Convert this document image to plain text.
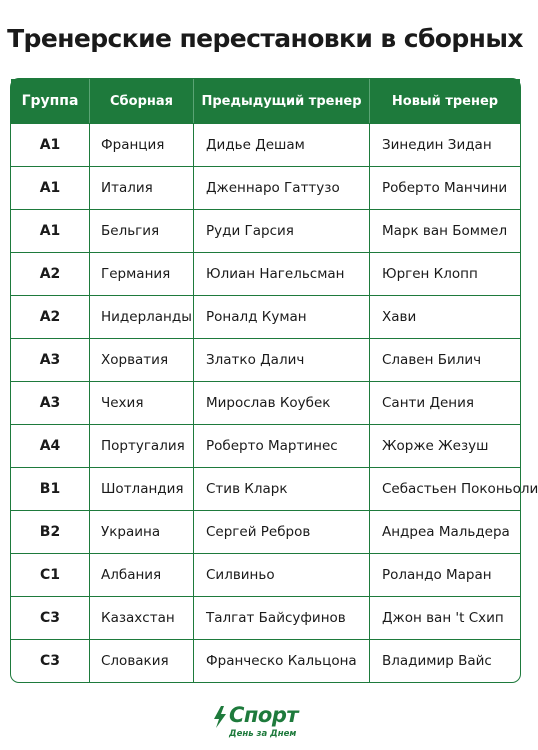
Тренерские перестановки в сборных
Группа	Сборная	Предыдущий тренер	Новый тренер
A1	Франция	Дидье Дешам	Зинедин Зидан
A1	Италия	Дженнаро Гаттузо	Роберто Манчини
A1	Бельгия	Руди Гарсия	Марк ван Боммел
A2	Германия	Юлиан Нагельсман	Юрген Клопп
A2	Нидерланды	Роналд Куман	Хави
A3	Хорватия	Златко Далич	Славен Билич
A3	Чехия	Мирослав Коубек	Санти Дения
A4	Португалия	Роберто Мартинес	Жорже Жезуш
B1	Шотландия	Стив Кларк	Себастьен Поконьоли
B2	Украина	Сергей Ребров	Андреа Мальдера
C1	Албания	Силвиньо	Роландо Маран
C3	Казахстан	Талгат Байсуфинов	Джон ван 't Схип
C3	Словакия	Франческо Кальцона	Владимир Вайс
Спорт
День за Днем
